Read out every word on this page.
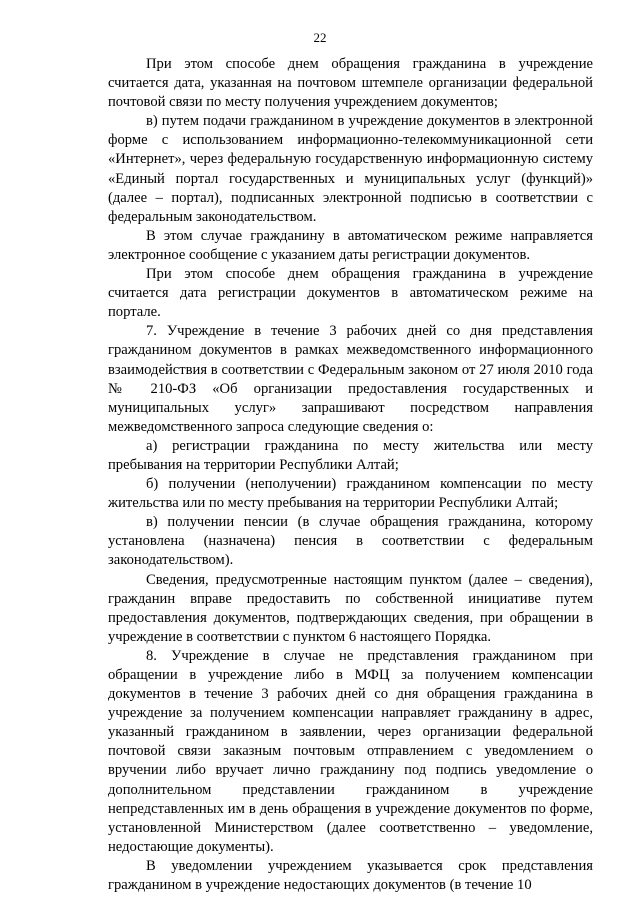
22

При этом способе днем обращения гражданина в учреждение считается дата, указанная на почтовом штемпеле организации федеральной почтовой связи по месту получения учреждением документов;

в) путем подачи гражданином в учреждение документов в электронной форме с использованием информационно-телекоммуникационной сети «Интернет», через федеральную государственную информационную систему «Единый портал государственных и муниципальных услуг (функций)» (далее – портал), подписанных электронной подписью в соответствии с федеральным законодательством.

В этом случае гражданину в автоматическом режиме направляется электронное сообщение с указанием даты регистрации документов.

При этом способе днем обращения гражданина в учреждение считается дата регистрации документов в автоматическом режиме на портале.

7. Учреждение в течение 3 рабочих дней со дня представления гражданином документов в рамках межведомственного информационного взаимодействия в соответствии с Федеральным законом от 27 июля 2010 года № 210-ФЗ «Об организации предоставления государственных и муниципальных услуг» запрашивают посредством направления межведомственного запроса следующие сведения о:

а) регистрации гражданина по месту жительства или месту пребывания на территории Республики Алтай;

б) получении (неполучении) гражданином компенсации по месту жительства или по месту пребывания на территории Республики Алтай;

в) получении пенсии (в случае обращения гражданина, которому установлена (назначена) пенсия в соответствии с федеральным законодательством).

Сведения, предусмотренные настоящим пунктом (далее – сведения), гражданин вправе предоставить по собственной инициативе путем предоставления документов, подтверждающих сведения, при обращении в учреждение в соответствии с пунктом 6 настоящего Порядка.

8. Учреждение в случае не представления гражданином при обращении в учреждение либо в МФЦ за получением компенсации документов в течение 3 рабочих дней со дня обращения гражданина в учреждение за получением компенсации направляет гражданину в адрес, указанный гражданином в заявлении, через организации федеральной почтовой связи заказным почтовым отправлением с уведомлением о вручении либо вручает лично гражданину под подпись уведомление о дополнительном представлении гражданином в учреждение непредставленных им в день обращения в учреждение документов по форме, установленной Министерством (далее соответственно – уведомление, недостающие документы).

В уведомлении учреждением указывается срок представления гражданином в учреждение недостающих документов (в течение 10
